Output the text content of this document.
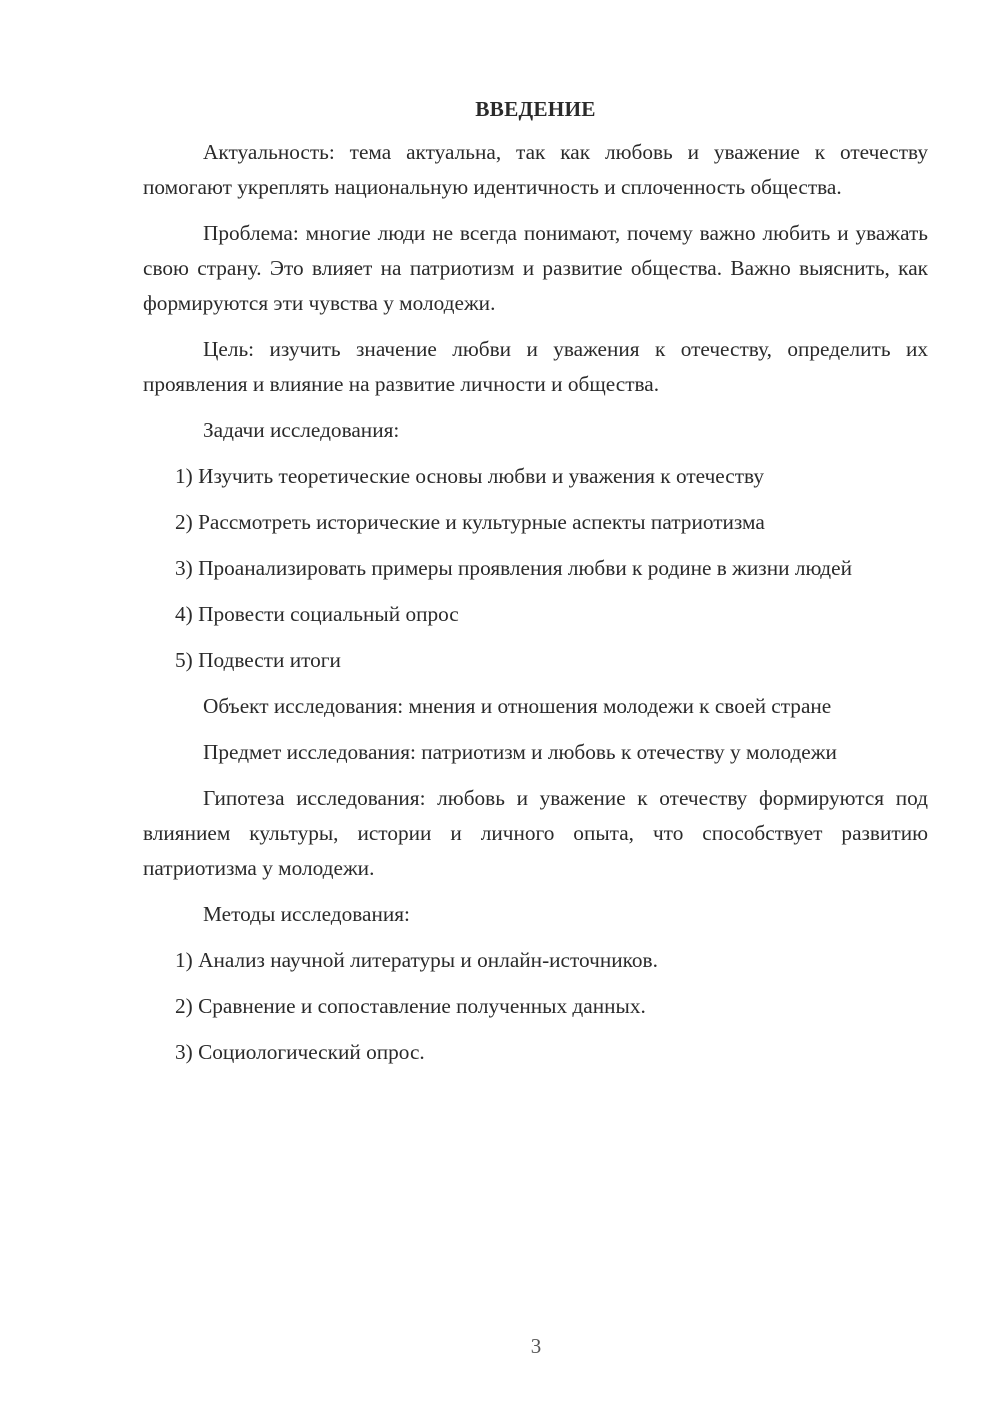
ВВЕДЕНИЕ

Актуальность: тема актуальна, так как любовь и уважение к отечеству помогают укреплять национальную идентичность и сплоченность общества.

Проблема: многие люди не всегда понимают, почему важно любить и уважать свою страну. Это влияет на патриотизм и развитие общества. Важно выяснить, как формируются эти чувства у молодежи.

Цель: изучить значение любви и уважения к отечеству, определить их проявления и влияние на развитие личности и общества.

Задачи исследования:

1) Изучить теоретические основы любви и уважения к отечеству

2) Рассмотреть исторические и культурные аспекты патриотизма

3) Проанализировать примеры проявления любви к родине в жизни людей

4) Провести социальный опрос

5) Подвести итоги

Объект исследования: мнения и отношения молодежи к своей стране

Предмет исследования: патриотизм и любовь к отечеству у молодежи

Гипотеза исследования: любовь и уважение к отечеству формируются под влиянием культуры, истории и личного опыта, что способствует развитию патриотизма у молодежи.

Методы исследования:

1) Анализ научной литературы и онлайн-источников.

2) Сравнение и сопоставление полученных данных.

3) Социологический опрос.

3
